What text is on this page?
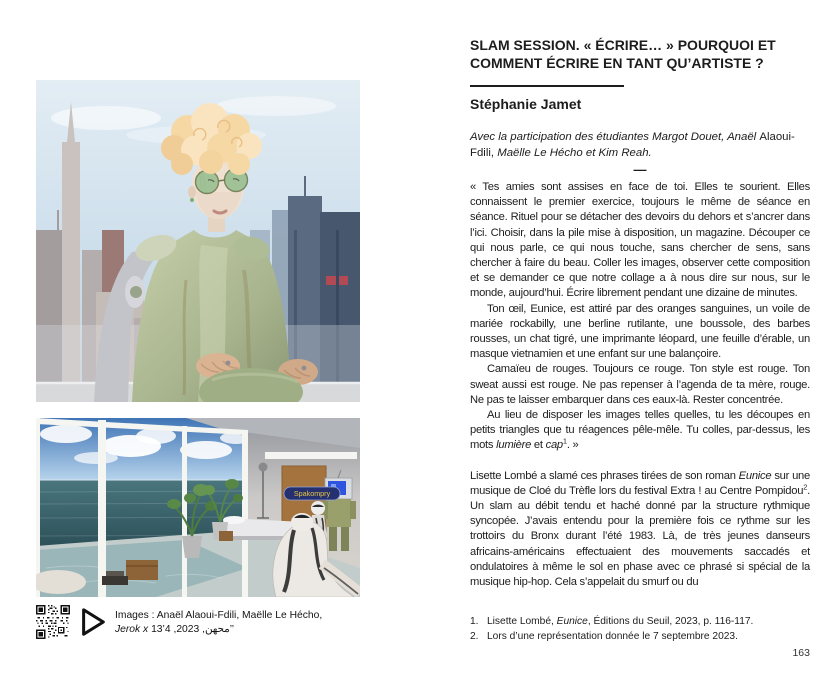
Spakompry
Images : Anaël Alaoui-Fdili, Maëlle Le Hécho,
Jerok x محهن, 2023, 4’13’’
SLAM SESSION. « ÉCRIRE… » POURQUOI ET COMMENT ÉCRIRE EN TANT QU’ARTISTE ?
Stéphanie Jamet
Avec la participation des étudiantes Margot Douet, Anaël Alaoui-Fdili, Maëlle Le Hécho et Kim Reah.
—

« Tes amies sont assises en face de toi. Elles te sourient. Elles connaissent le premier exercice, toujours le même de séance en séance. Rituel pour se détacher des devoirs du dehors et s’ancrer dans l’ici. Choisir, dans la pile mise à disposition, un magazine. Découper ce qui nous parle, ce qui nous touche, sans chercher de sens, sans chercher à faire du beau. Coller les images, observer cette composition et se demander ce que notre collage a à nous dire sur nous, sur le monde, aujourd’hui. Écrire librement pendant une dizaine de minutes.

Ton œil, Eunice, est attiré par des oranges sanguines, un voile de mariée rockabilly, une berline rutilante, une boussole, des barbes rousses, un chat tigré, une imprimante léopard, une feuille d’érable, un masque vietnamien et une enfant sur une balançoire.

Camaïeu de rouges. Toujours ce rouge. Ton style est rouge. Ton sweat aussi est rouge. Ne pas repenser à l’agenda de ta mère, rouge. Ne pas te laisser embarquer dans ces eaux-là. Rester concentrée.

Au lieu de disposer les images telles quelles, tu les découpes en petits triangles que tu réagences pêle-mêle. Tu colles, par-dessus, les mots lumière et cap$^1$. »

Lisette Lombé a slamé ces phrases tirées de son roman Eunice sur une musique de Cloé du Trèfle lors du festival Extra ! au Centre Pompidou$^2$. Un slam au débit tendu et haché donné par la structure rythmique syncopée. J’avais entendu pour la première fois ce rythme sur les trottoirs du Bronx durant l’été 1983. Là, de très jeunes danseurs africains-américains effectuaient des mouvements saccadés et ondulatoires à même le sol en phase avec ce phrasé si spécial de la musique hip-hop. Cela s’appelait du smurf ou du

1. Lisette Lombé, Eunice, Éditions du Seuil, 2023, p. 116-117.
2. Lors d’une représentation donnée le 7 septembre 2023.
163
